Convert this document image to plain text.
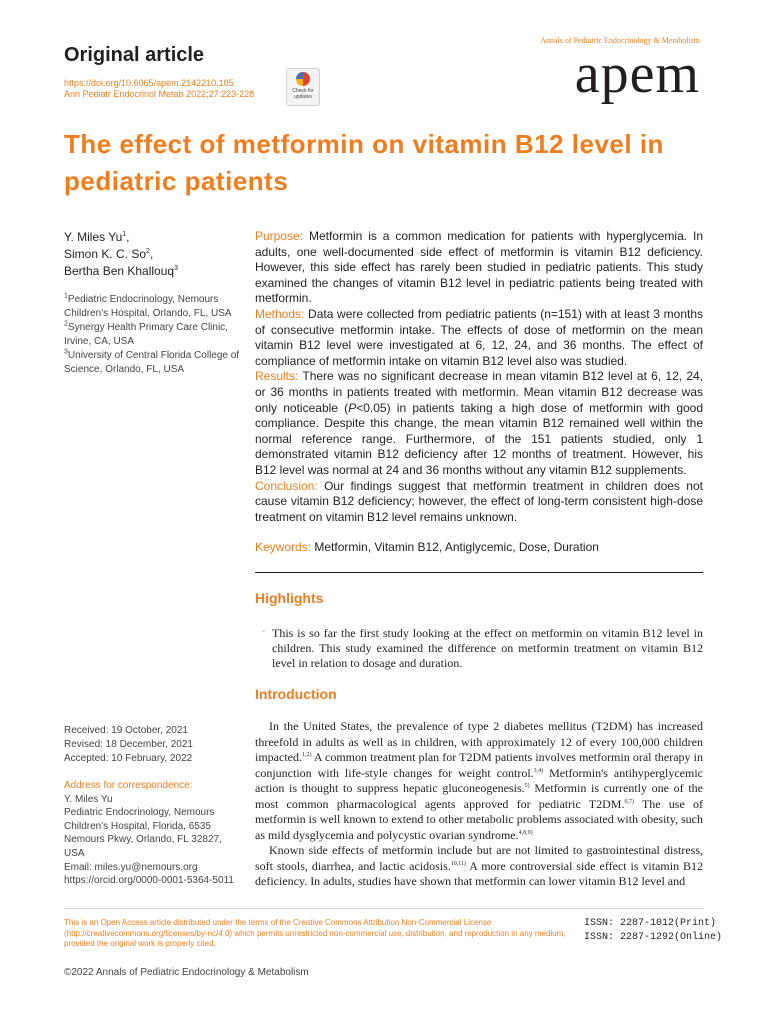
Original article
https://doi.org/10.6065/apem.2142210.105
Ann Pediatr Endocrinol Metab 2022;27:223-228	Check for updates
Annals of Pediatric Endocrinology & Metabolism
apem
The effect of metformin on vitamin B12 level in pediatric patients
Y. Miles Yu$^1$,
Simon K. C. So$^2$,
Bertha Ben Khallouq$^3$
$^1$Pediatric Endocrinology, Nemours Children's Hospital, Orlando, FL, USA
$^2$Synergy Health Primary Care Clinic, Irvine, CA, USA
$^3$University of Central Florida College of Science, Orlando, FL, USA
Purpose: Metformin is a common medication for patients with hyperglycemia. In adults, one well-documented side effect of metformin is vitamin B12 deficiency. However, this side effect has rarely been studied in pediatric patients. This study examined the changes of vitamin B12 level in pediatric patients being treated with metformin.
Methods: Data were collected from pediatric patients (n=151) with at least 3 months of consecutive metformin intake. The effects of dose of metformin on the mean vitamin B12 level were investigated at 6, 12, 24, and 36 months. The effect of compliance of metformin intake on vitamin B12 level also was studied.
Results: There was no significant decrease in mean vitamin B12 level at 6, 12, 24, or 36 months in patients treated with metformin. Mean vitamin B12 decrease was only noticeable (P<0.05) in patients taking a high dose of metformin with good compliance. Despite this change, the mean vitamin B12 remained well within the normal reference range. Furthermore, of the 151 patients studied, only 1 demonstrated vitamin B12 deficiency after 12 months of treatment. However, his B12 level was normal at 24 and 36 months without any vitamin B12 supplements.
Conclusion: Our findings suggest that metformin treatment in children does not cause vitamin B12 deficiency; however, the effect of long-term consistent high-dose treatment on vitamin B12 level remains unknown.
Keywords: Metformin, Vitamin B12, Antiglycemic, Dose, Duration
Highlights
- This is so far the first study looking at the effect on metformin on vitamin B12 level in children. This study examined the difference on metformin treatment on vitamin B12 level in relation to dosage and duration.
Introduction

In the United States, the prevalence of type 2 diabetes mellitus (T2DM) has increased threefold in adults as well as in children, with approximately 12 of every 100,000 children impacted.$^{1,2)}$ A common treatment plan for T2DM patients involves metformin oral therapy in conjunction with life-style changes for weight control.$^{3,4)}$ Metformin's antihyperglycemic action is thought to suppress hepatic gluconeogenesis.$^{5)}$ Metformin is currently one of the most common pharmacological agents approved for pediatric T2DM.$^{6,7)}$ The use of metformin is well known to extend to other metabolic problems associated with obesity, such as mild dysglycemia and polycystic ovarian syndrome.$^{4,8,9)}$

Known side effects of metformin include but are not limited to gastrointestinal distress, soft stools, diarrhea, and lactic acidosis.$^{10,11)}$ A more controversial side effect is vitamin B12 deficiency. In adults, studies have shown that metformin can lower vitamin B12 level and

Received: 19 October, 2021
Revised: 18 December, 2021
Accepted: 10 February, 2022
Address for correspondence:
Y. Miles Yu
Pediatric Endocrinology, Nemours Children's Hospital, Florida, 6535 Nemours Pkwy, Orlando, FL 32827, USA
Email: miles.yu@nemours.org
https://orcid.org/0000-0001-5364-5011
This is an Open Access article distributed under the terms of the Creative Commons Attribution Non-Commercial License (http://creativecommons.org/licenses/by-nc/4.0) which permits unrestricted non-commercial use, distribution, and reproduction in any medium, provided the original work is properly cited.
ISSN: 2287-1012(Print)
ISSN: 2287-1292(Online)
©2022 Annals of Pediatric Endocrinology & Metabolism
